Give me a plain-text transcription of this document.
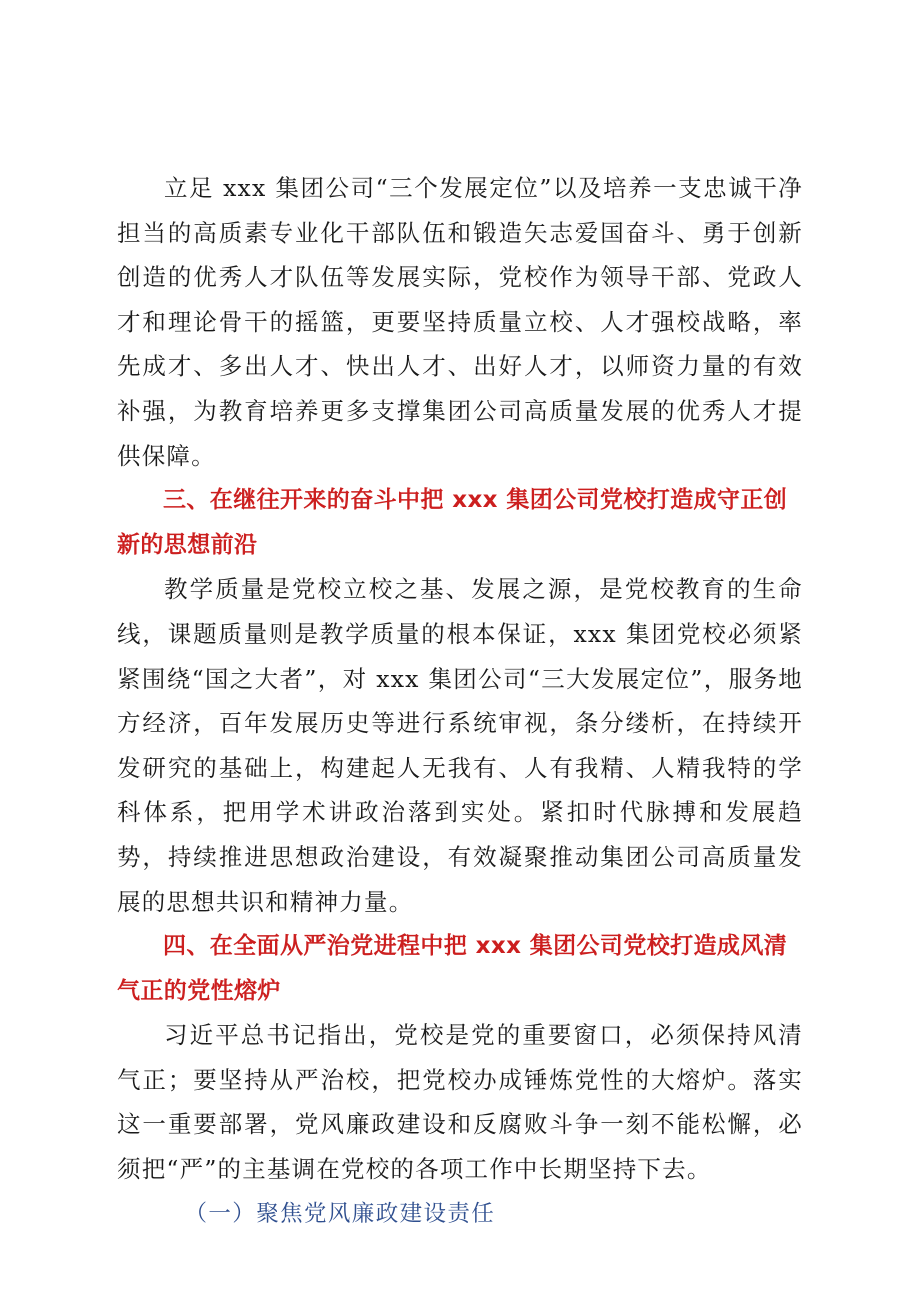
立足 xxx 集团公司“三个发展定位”以及培养一支忠诚干净担当的高质素专业化干部队伍和锻造矢志爱国奋斗、勇于创新创造的优秀人才队伍等发展实际，党校作为领导干部、党政人才和理论骨干的摇篮，更要坚持质量立校、人才强校战略，率先成才、多出人才、快出人才、出好人才，以师资力量的有效补强，为教育培养更多支撑集团公司高质量发展的优秀人才提供保障。

三、在继往开来的奋斗中把 xxx 集团公司党校打造成守正创新的思想前沿

教学质量是党校立校之基、发展之源，是党校教育的生命线，课题质量则是教学质量的根本保证，xxx 集团党校必须紧紧围绕“国之大者”，对 xxx 集团公司“三大发展定位”，服务地方经济，百年发展历史等进行系统审视，条分缕析，在持续开发研究的基础上，构建起人无我有、人有我精、人精我特的学科体系，把用学术讲政治落到实处。紧扣时代脉搏和发展趋势，持续推进思想政治建设，有效凝聚推动集团公司高质量发展的思想共识和精神力量。

四、在全面从严治党进程中把 xxx 集团公司党校打造成风清气正的党性熔炉

习近平总书记指出，党校是党的重要窗口，必须保持风清气正；要坚持从严治校，把党校办成锤炼党性的大熔炉。落实这一重要部署，党风廉政建设和反腐败斗争一刻不能松懈，必须把“严”的主基调在党校的各项工作中长期坚持下去。

（一）聚焦党风廉政建设责任
